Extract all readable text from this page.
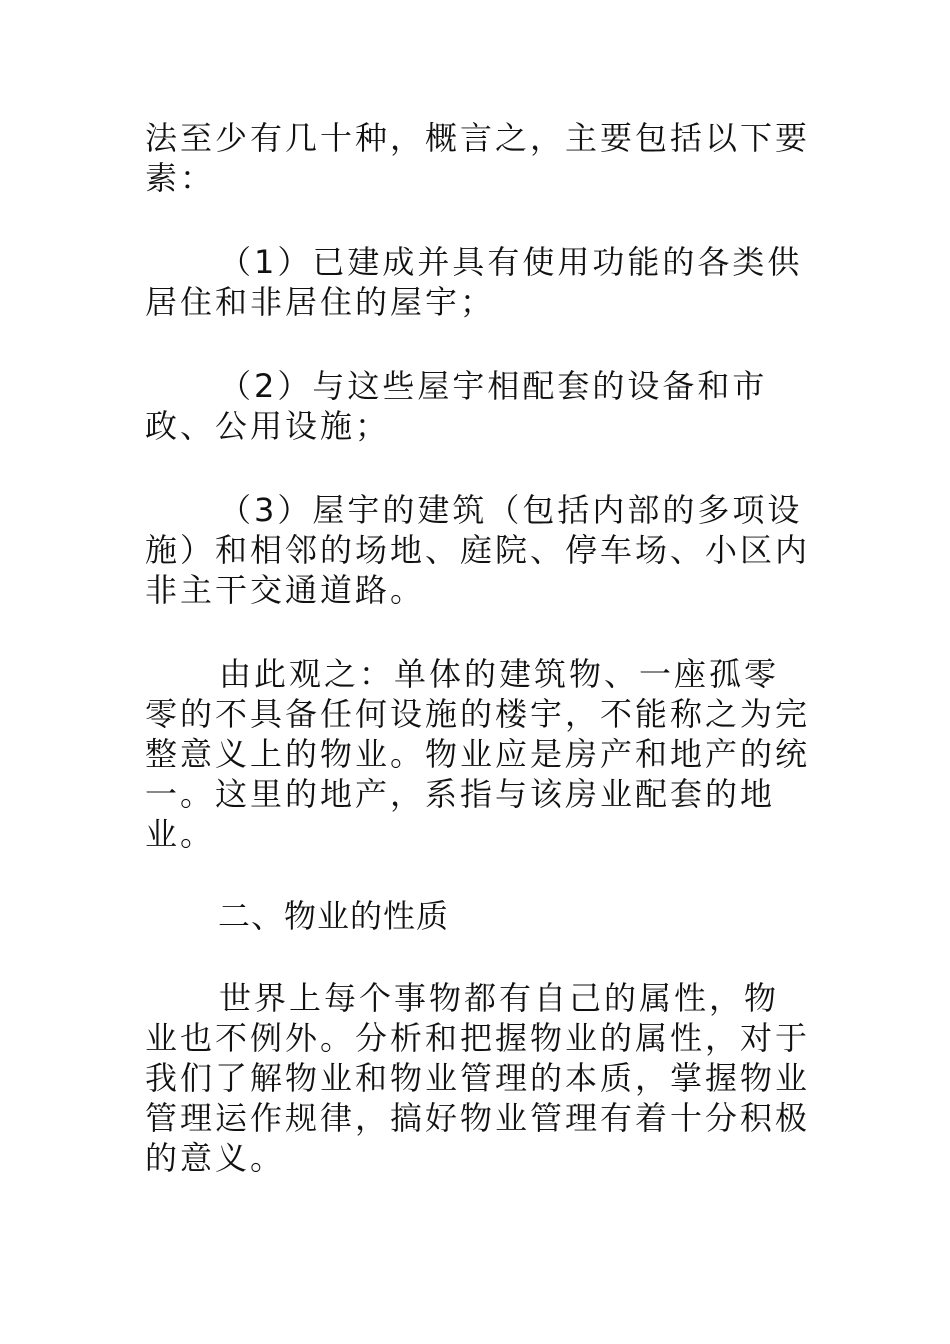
法至少有几十种，概言之，主要包括以下要素：
（1）已建成并具有使用功能的各类供居住和非居住的屋宇；
（2）与这些屋宇相配套的设备和市政、公用设施；
（3）屋宇的建筑（包括内部的多项设施）和相邻的场地、庭院、停车场、小区内非主干交通道路。
由此观之：单体的建筑物、一座孤零零的不具备任何设施的楼宇，不能称之为完整意义上的物业。物业应是房产和地产的统一。这里的地产，系指与该房业配套的地业。
二、物业的性质
世界上每个事物都有自己的属性，物业也不例外。分析和把握物业的属性，对于我们了解物业和物业管理的本质，掌握物业管理运作规律，搞好物业管理有着十分积极的意义。
